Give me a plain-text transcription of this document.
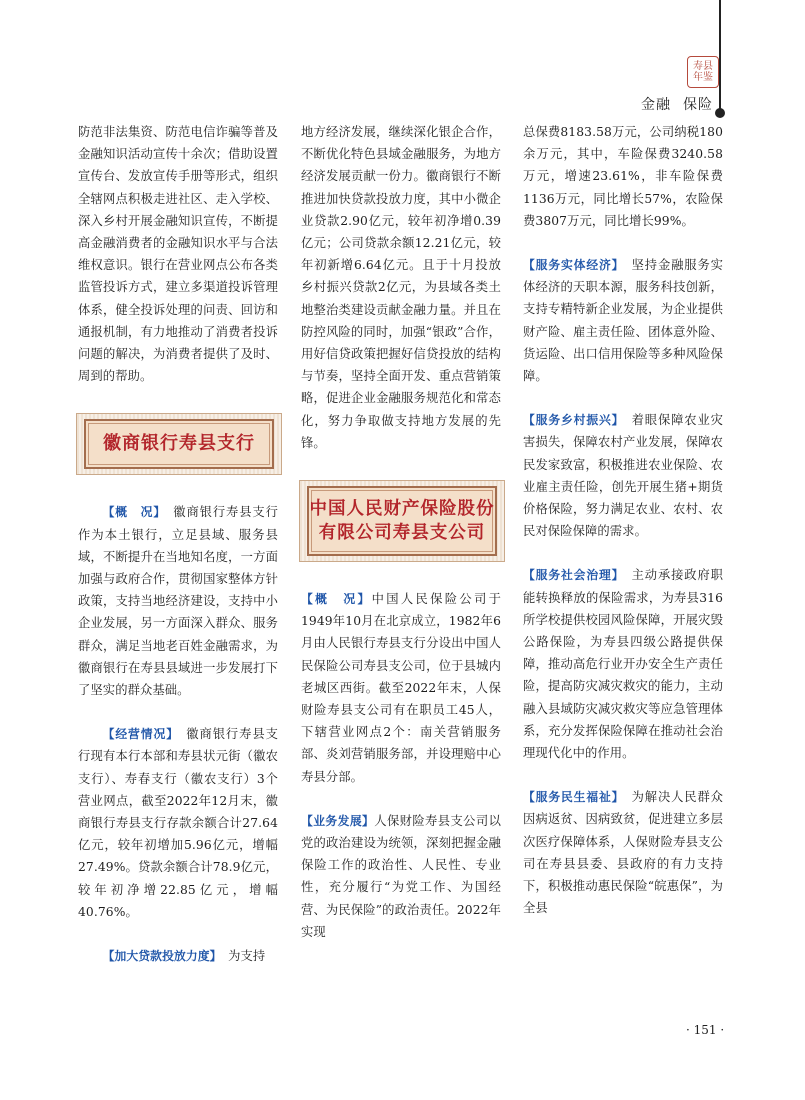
寿县年鉴
金融 保险

防范非法集资、防范电信诈骗等普及金融知识活动宣传十余次；借助设置宣传台、发放宣传手册等形式，组织全辖网点积极走进社区、走入学校、深入乡村开展金融知识宣传，不断提高金融消费者的金融知识水平与合法维权意识。银行在营业网点公布各类监管投诉方式，建立多渠道投诉管理体系，健全投诉处理的问责、回访和通报机制，有力地推动了消费者投诉问题的解决，为消费者提供了及时、周到的帮助。

徽商银行寿县支行

【概　况】　 徽商银行寿县支行作为本土银行，立足县域、服务县域，不断提升在当地知名度，一方面加强与政府合作，贯彻国家整体方针政策，支持当地经济建设，支持中小企业发展，另一方面深入群众、服务群众，满足当地老百姓金融需求，为徽商银行在寿县县域进一步发展打下了坚实的群众基础。

【经营情况】　 徽商银行寿县支行现有本行本部和寿县状元街（徽农支行）、寿春支行（徽农支行）3个营业网点，截至2022年12月末，徽商银行寿县支行存款余额合计27.64亿元，较年初增加5.96亿元，增幅27.49%。贷款余额合计78.9亿元，较年初净增22.85亿元，增幅40.76%。

【加大贷款投放力度】　 为支持

地方经济发展，继续深化银企合作，不断优化特色县域金融服务，为地方经济发展贡献一份力。徽商银行不断推进加快贷款投放力度，其中小微企业贷款2.90亿元，较年初净增0.39亿元；公司贷款余额12.21亿元，较年初新增6.64亿元。且于十月投放乡村振兴贷款2亿元，为县域各类土地整治类建设贡献金融力量。并且在防控风险的同时，加强“银政”合作，用好信贷政策把握好信贷投放的结构与节奏，坚持全面开发、重点营销策略，促进企业金融服务规范化和常态化，努力争取做支持地方发展的先锋。

中国人民财产保险股份有限公司寿县支公司

【概　况】中国人民保险公司于1949年10月在北京成立，1982年6月由人民银行寿县支行分设出中国人民保险公司寿县支公司，位于县城内老城区西街。截至2022年末，人保财险寿县支公司有在职员工45人，下辖营业网点2个：南关营销服务部、炎刘营销服务部，并设理赔中心寿县分部。

【业务发展】人保财险寿县支公司以党的政治建设为统领，深刻把握金融保险工作的政治性、人民性、专业性，充分履行“为党工作、为国经营、为民保险”的政治责任。2022年实现

总保费8183.58万元，公司纳税180余万元，其中，车险保费3240.58万元，增速23.61%，非车险保费1136万元，同比增长57%，农险保费3807万元，同比增长99%。

【服务实体经济】　 坚持金融服务实体经济的天职本源，服务科技创新，支持专精特新企业发展，为企业提供财产险、雇主责任险、团体意外险、货运险、出口信用保险等多种风险保障。

【服务乡村振兴】　 着眼保障农业灾害损失，保障农村产业发展，保障农民发家致富，积极推进农业保险、农业雇主责任险，创先开展生猪+期货价格保险，努力满足农业、农村、农民对保险保障的需求。

【服务社会治理】　 主动承接政府职能转换释放的保险需求，为寿县316所学校提供校园风险保障，开展灾毁公路保险，为寿县四级公路提供保障，推动高危行业开办安全生产责任险，提高防灾减灾救灾的能力，主动融入县域防灾减灾救灾等应急管理体系，充分发挥保险保障在推动社会治理现代化中的作用。

【服务民生福祉】　 为解决人民群众因病返贫、因病致贫，促进建立多层次医疗保障体系，人保财险寿县支公司在寿县县委、县政府的有力支持下，积极推动惠民保险“皖惠保”，为全县

· 151 ·
